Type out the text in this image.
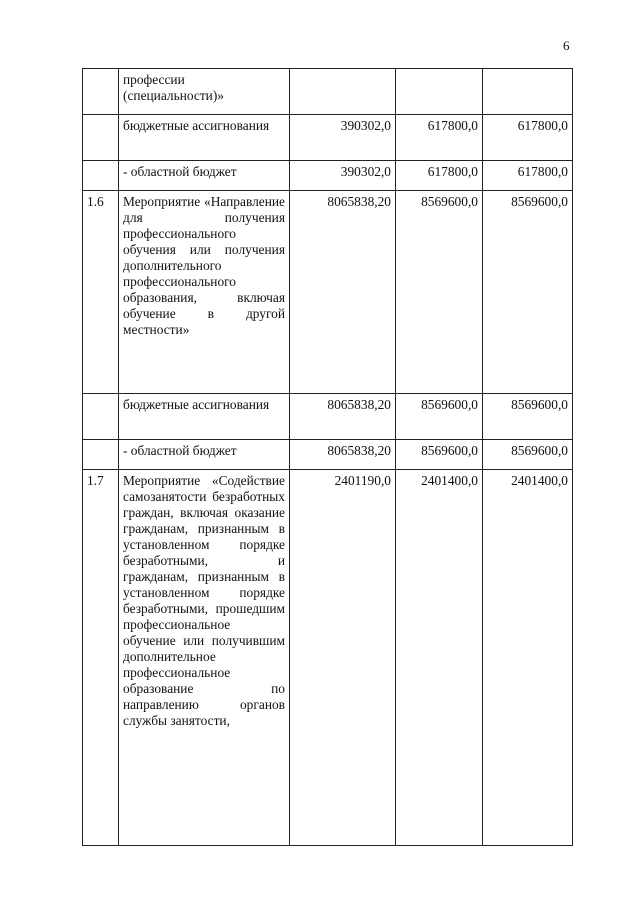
6
	профессии (специальности)»			
	бюджетные ассигнования	390302,0	617800,0	617800,0
	- областной бюджет	390302,0	617800,0	617800,0
1.6	Мероприятие «Направление для получения профессионального обучения или получения дополнительного профессионального образования, включая обучение в другой местности»	8065838,20	8569600,0	8569600,0
	бюджетные ассигнования	8065838,20	8569600,0	8569600,0
	- областной бюджет	8065838,20	8569600,0	8569600,0
1.7	Мероприятие «Содействие самозанятости безработных граждан, включая оказание гражданам, признанным в установленном порядке безработными, и гражданам, признанным в установленном порядке безработными, прошедшим профессиональное обучение или получившим дополнительное профессиональное образование по направлению органов службы занятости,	2401190,0	2401400,0	2401400,0
